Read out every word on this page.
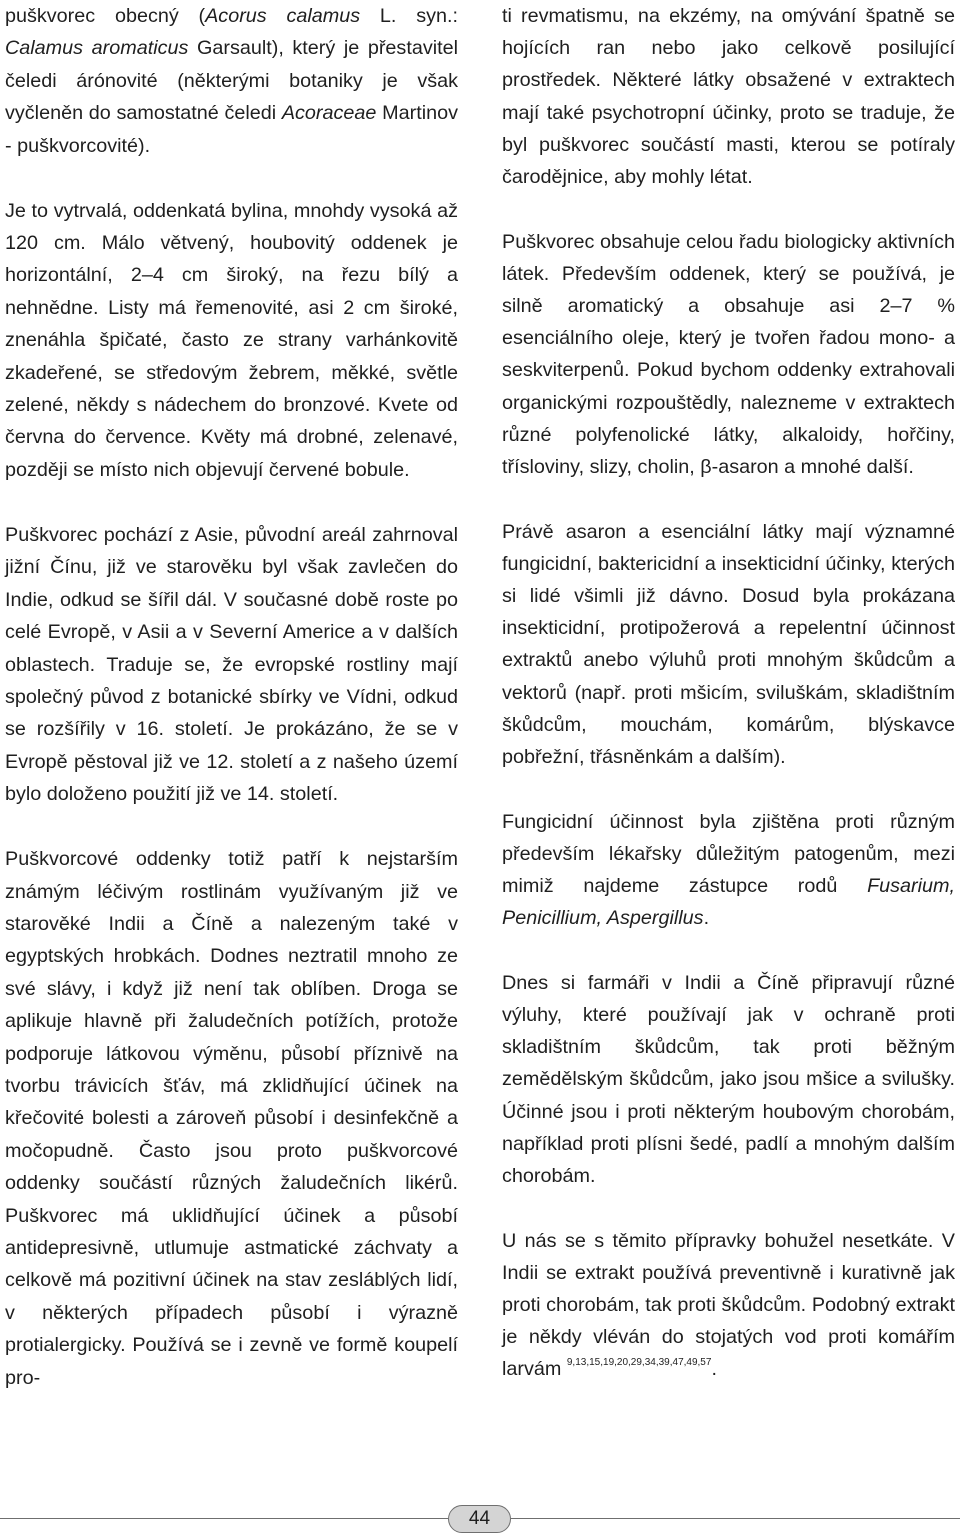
puškvorec obecný (Acorus calamus L. syn.: Calamus aromaticus Garsault), který je přestavitel čeledi árónovité (některými botaniky je však vyčleněn do samostatné čeledi Acoraceae Martinov - puškvorcovité).

Je to vytrvalá, oddenkatá bylina, mnohdy vysoká až 120 cm. Málo větvený, houbovitý oddenek je horizontální, 2–4 cm široký, na řezu bílý a nehnědne. Listy má řemenovité, asi 2 cm široké, znenáhla špičaté, často ze strany varhánkovitě zkadeřené, se středovým žebrem, měkké, světle zelené, někdy s nádechem do bronzové. Kvete od června do července. Květy má drobné, zelenavé, později se místo nich objevují červené bobule.

Puškvorec pochází z Asie, původní areál zahrnoval jižní Čínu, již ve starověku byl však zavlečen do Indie, odkud se šířil dál. V současné době roste po celé Evropě, v Asii a v Severní Americe a v dalších oblastech. Traduje se, že evropské rostliny mají společný původ z botanické sbírky ve Vídni, odkud se rozšířily v 16. století. Je prokázáno, že se v Evropě pěstoval již ve 12. století a z našeho území bylo doloženo použití již ve 14. století.

Puškvorcové oddenky totiž patří k nejstarším známým léčivým rostlinám využívaným již ve starověké Indii a Číně a nalezeným také v egyptských hrobkách. Dodnes neztratil mnoho ze své slávy, i když již není tak oblíben. Droga se aplikuje hlavně při žaludečních potížích, protože podporuje látkovou výměnu, působí příznivě na tvorbu trávicích šťáv, má zklidňující účinek na křečovité bolesti a zároveň působí i desinfekčně a močopudně. Často jsou proto puškvorcové oddenky součástí různých žaludečních likérů. Puškvorec má uklidňující účinek a působí antidepresivně, utlumuje astmatické záchvaty a celkově má pozitivní účinek na stav zesláblých lidí, v některých případech působí i výrazně protialergicky. Používá se i zevně ve formě koupelí pro-

ti revmatismu, na ekzémy, na omývání špatně se hojících ran nebo jako celkově posilující prostředek. Některé látky obsažené v extraktech mají také psychotropní účinky, proto se traduje, že byl puškvorec součástí masti, kterou se potíraly čarodějnice, aby mohly létat.

Puškvorec obsahuje celou řadu biologicky aktivních látek. Především oddenek, který se používá, je silně aromatický a obsahuje asi 2–7 % esenciálního oleje, který je tvořen řadou mono- a seskviterpenů. Pokud bychom oddenky extrahovali organickými rozpouštědly, nalezneme v extraktech různé polyfenolické látky, alkaloidy, hořčiny, třísloviny, slizy, cholin, β-asaron a mnohé další.

Právě asaron a esenciální látky mají významné fungicidní, baktericidní a insekticidní účinky, kterých si lidé všimli již dávno. Dosud byla prokázana insekticidní, protipožerová a repelentní účinnost extraktů anebo výluhů proti mnohým škůdcům a vektorů (např. proti mšicím, sviluškám, skladištním škůdcům, mouchám, komárům, blýskavce pobřežní, třásněnkám a dalším).

Fungicidní účinnost byla zjištěna proti různým především lékařsky důležitým patogenům, mezi mimiž najdeme zástupce rodů Fusarium, Penicillium, Aspergillus.

Dnes si farmáři v Indii a Číně připravují různé výluhy, které používají jak v ochraně proti skladištním škůdcům, tak proti běžným zemědělským škůdcům, jako jsou mšice a svilušky. Účinné jsou i proti některým houbovým chorobám, například proti plísni šedé, padlí a mnohým dalším chorobám.

U nás se s těmito přípravky bohužel nesetkáte. V Indii se extrakt používá preventivně i kurativně jak proti chorobám, tak proti škůdcům. Podobný extrakt je někdy vléván do stojatých vod proti komářím larvám $^{9,13,15,19,20,29,34,39,47,49,57}$.

44
